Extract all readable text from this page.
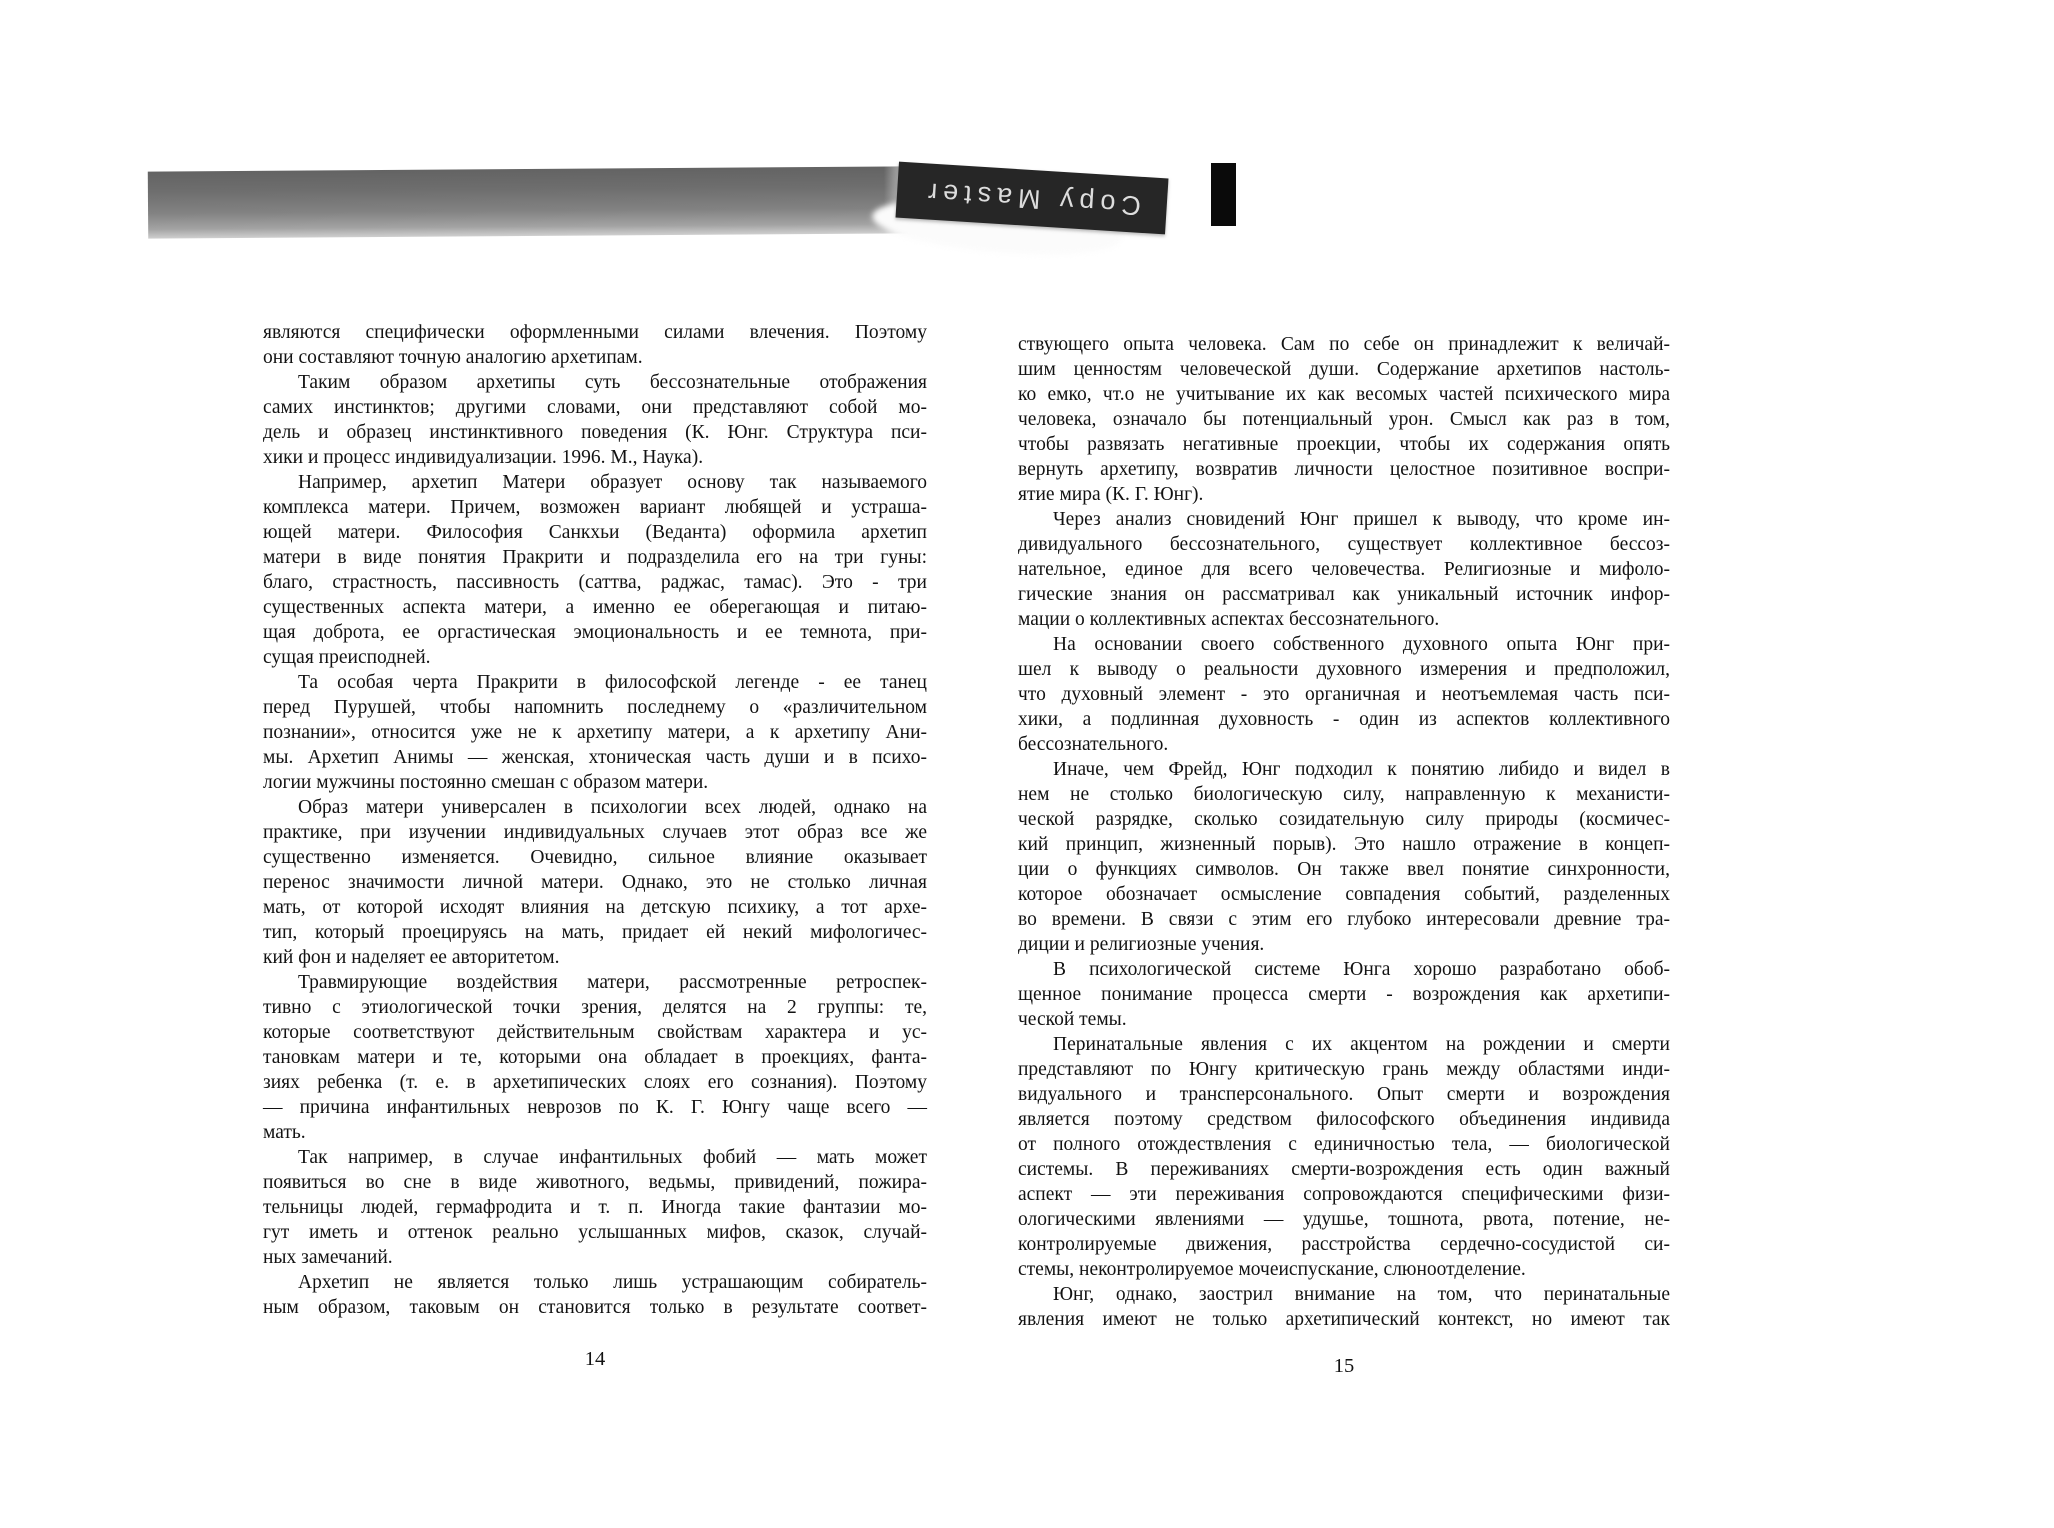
Copy Master
являются специфически оформленными силами влечения. Поэтому
они составляют точную аналогию архетипам.
Таким образом архетипы суть бессознательные отображения
самих инстинктов; другими словами, они представляют собой мо-
дель и образец инстинктивного поведения (К. Юнг. Структура пси-
хики и процесс индивидуализации. 1996. М., Наука).
Например, архетип Матери образует основу так называемого
комплекса матери. Причем, возможен вариант любящей и устраша-
ющей матери. Философия Санкхьи (Веданта) оформила архетип
матери в виде понятия Пракрити и подразделила его на три гуны:
благо, страстность, пассивность (саттва, раджас, тамас). Это - три
существенных аспекта матери, а именно ее оберегающая и питаю-
щая доброта, ее оргастическая эмоциональность и ее темнота, при-
сущая преисподней.
Та особая черта Пракрити в философской легенде - ее танец
перед Пурушей, чтобы напомнить последнему о «различительном
познании», относится уже не к архетипу матери, а к архетипу Ани-
мы. Архетип Анимы — женская, хтоническая часть души и в психо-
логии мужчины постоянно смешан с образом матери.
Образ матери универсален в психологии всех людей, однако на
практике, при изучении индивидуальных случаев этот образ все же
существенно изменяется. Очевидно, сильное влияние оказывает
перенос значимости личной матери. Однако, это не столько личная
мать, от которой исходят влияния на детскую психику, а тот архе-
тип, который проецируясь на мать, придает ей некий мифологичес-
кий фон и наделяет ее авторитетом.
Травмирующие воздействия матери, рассмотренные ретроспек-
тивно с этиологической точки зрения, делятся на 2 группы: те,
которые соответствуют действительным свойствам характера и ус-
тановкам матери и те, которыми она обладает в проекциях, фанта-
зиях ребенка (т. е. в архетипических слоях его сознания). Поэтому
— причина инфантильных неврозов по К. Г. Юнгу чаще всего —
мать.
Так например, в случае инфантильных фобий — мать может
появиться во сне в виде животного, ведьмы, привидений, пожира-
тельницы людей, гермафродита и т. п. Иногда такие фантазии мо-
гут иметь и оттенок реально услышанных мифов, сказок, случай-
ных замечаний.
Архетип не является только лишь устрашающим собиратель-
ным образом, таковым он становится только в результате соответ-
14
ствующего опыта человека. Сам по себе он принадлежит к величай-
шим ценностям человеческой души. Содержание архетипов настоль-
ко емко, чт.о не учитывание их как весомых частей психического мира
человека, означало бы потенциальный урон. Смысл как раз в том,
чтобы развязать негативные проекции, чтобы их содержания опять
вернуть архетипу, возвратив личности целостное позитивное воспри-
ятие мира (К. Г. Юнг).
Через анализ сновидений Юнг пришел к выводу, что кроме ин-
дивидуального бессознательного, существует коллективное бессоз-
нательное, единое для всего человечества. Религиозные и мифоло-
гические знания он рассматривал как уникальный источник инфор-
мации о коллективных аспектах бессознательного.
На основании своего собственного духовного опыта Юнг при-
шел к выводу о реальности духовного измерения и предположил,
что духовный элемент - это органичная и неотъемлемая часть пси-
хики, а подлинная духовность - один из аспектов коллективного
бессознательного.
Иначе, чем Фрейд, Юнг подходил к понятию либидо и видел в
нем не столько биологическую силу, направленную к механисти-
ческой разрядке, сколько созидательную силу природы (космичес-
кий принцип, жизненный порыв). Это нашло отражение в концеп-
ции о функциях символов. Он также ввел понятие синхронности,
которое обозначает осмысление совпадения событий, разделенных
во времени. В связи с этим его глубоко интересовали древние тра-
диции и религиозные учения.
В психологической системе Юнга хорошо разработано обоб-
щенное понимание процесса смерти - возрождения как архетипи-
ческой темы.
Перинатальные явления с их акцентом на рождении и смерти
представляют по Юнгу критическую грань между областями инди-
видуального и трансперсонального. Опыт смерти и возрождения
является поэтому средством философского объединения индивида
от полного отождествления с единичностью тела, — биологической
системы. В переживаниях смерти-возрождения есть один важный
аспект — эти переживания сопровождаются специфическими физи-
ологическими явлениями — удушье, тошнота, рвота, потение, не-
контролируемые движения, расстройства сердечно-сосудистой си-
стемы, неконтролируемое мочеиспускание, слюноотделение.
Юнг, однако, заострил внимание на том, что перинатальные
явления имеют не только архетипический контекст, но имеют так
15
